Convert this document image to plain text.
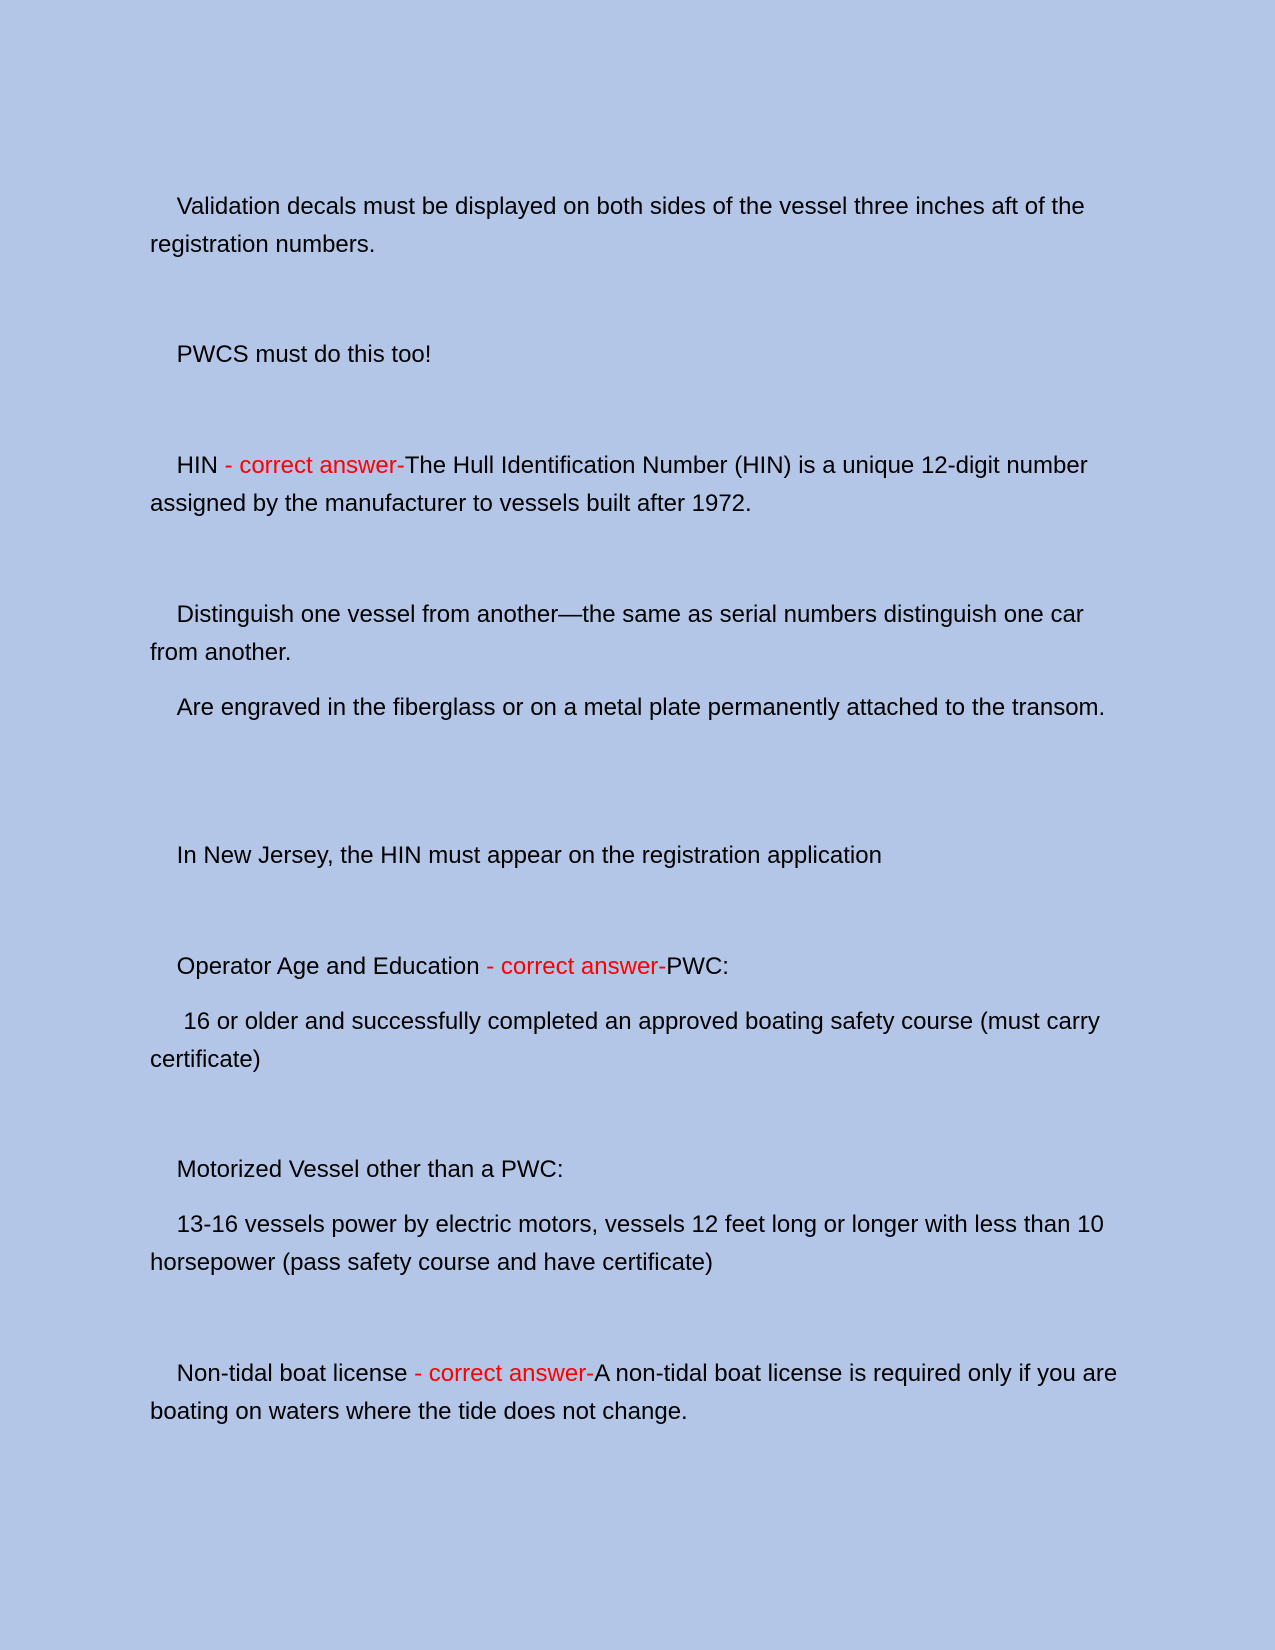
Validation decals must be displayed on both sides of the vessel three inches aft of the registration numbers.

PWCS must do this too!

HIN - correct answer-The Hull Identification Number (HIN) is a unique 12-digit number assigned by the manufacturer to vessels built after 1972.

Distinguish one vessel from another—the same as serial numbers distinguish one car from another.

Are engraved in the fiberglass or on a metal plate permanently attached to the transom.

In New Jersey, the HIN must appear on the registration application

Operator Age and Education - correct answer-PWC:

16 or older and successfully completed an approved boating safety course (must carry certificate)

Motorized Vessel other than a PWC:

13-16 vessels power by electric motors, vessels 12 feet long or longer with less than 10 horsepower (pass safety course and have certificate)

Non-tidal boat license - correct answer-A non-tidal boat license is required only if you are boating on waters where the tide does not change.
